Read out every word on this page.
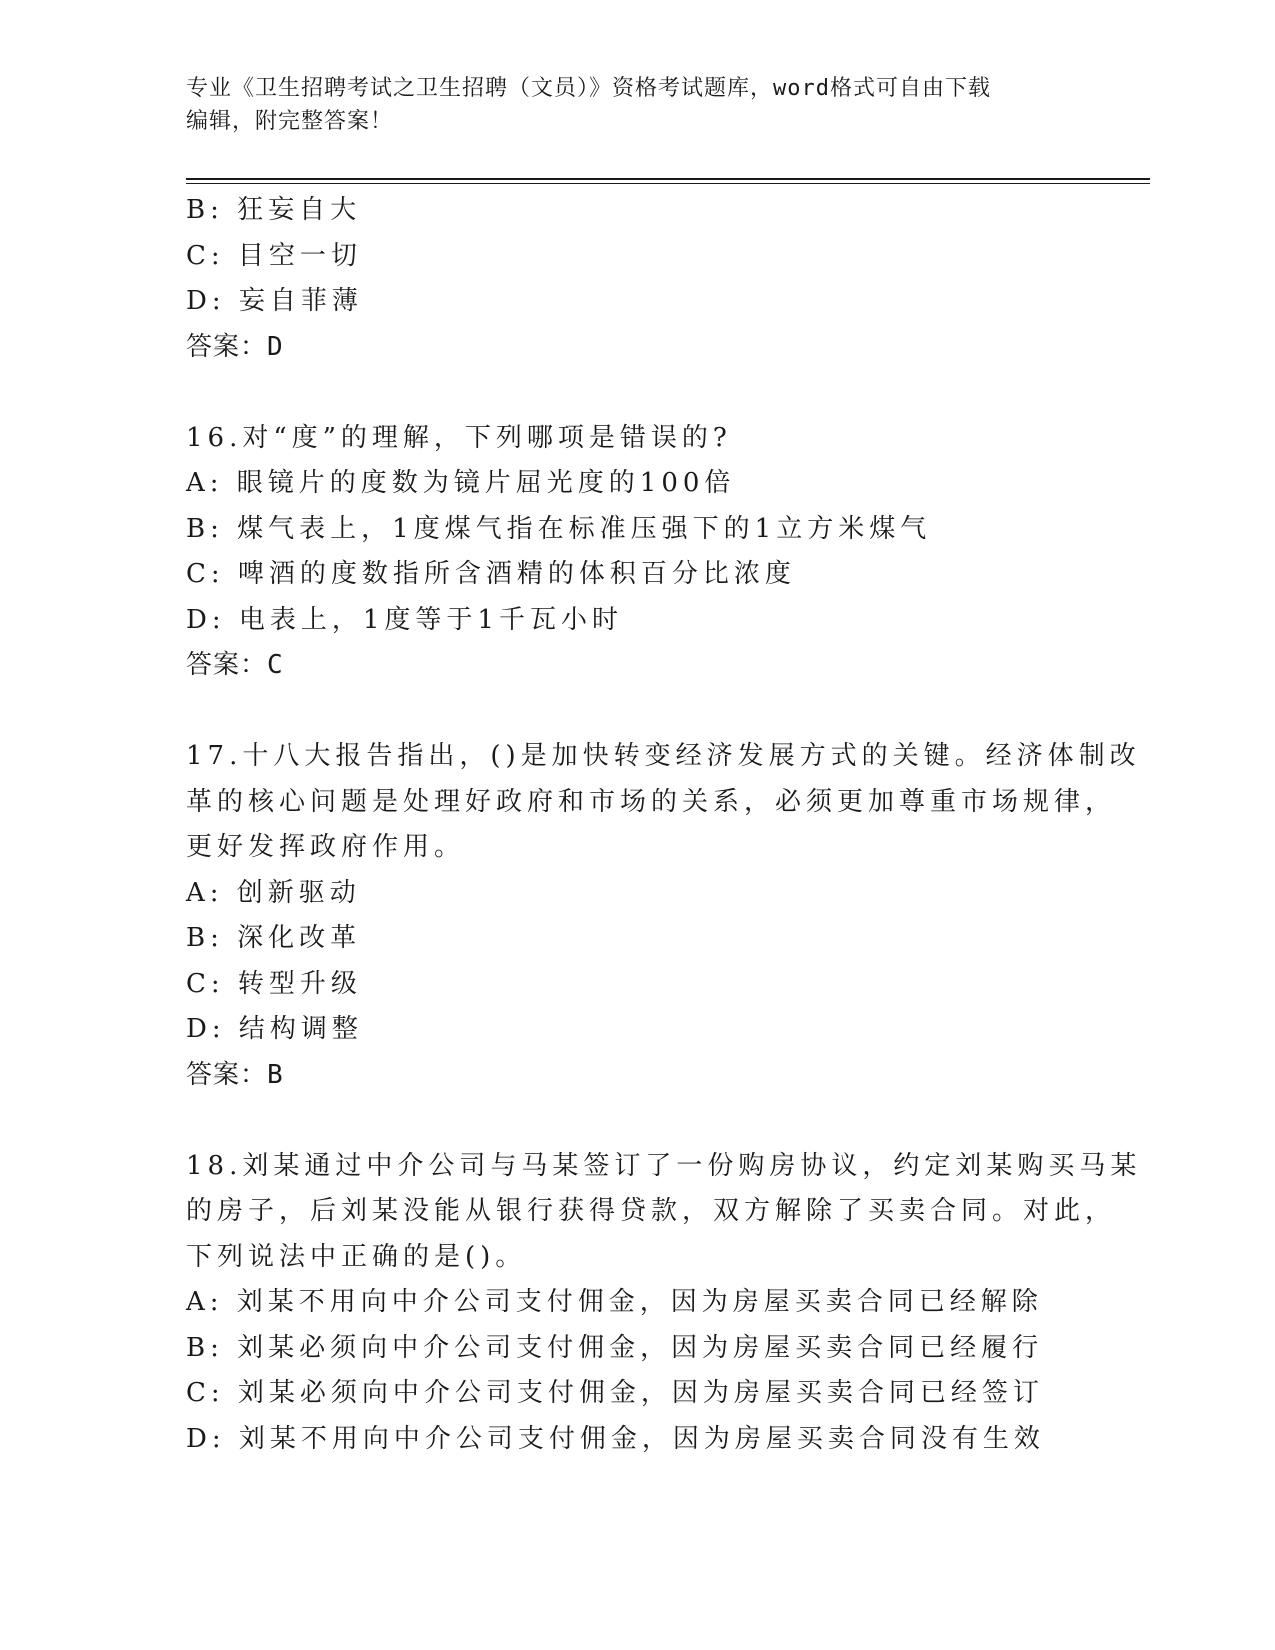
专业《卫生招聘考试之卫生招聘（文员）》资格考试题库，word格式可自由下载
编辑，附完整答案！
B: 狂妄自大
C: 目空一切
D: 妄自菲薄
答案：D
16.对“度”的理解，下列哪项是错误的?
A: 眼镜片的度数为镜片屈光度的100倍
B: 煤气表上，1度煤气指在标准压强下的1立方米煤气
C: 啤酒的度数指所含酒精的体积百分比浓度
D: 电表上，1度等于1千瓦小时
答案：C
17.十八大报告指出，()是加快转变经济发展方式的关键。经济体制改
革的核心问题是处理好政府和市场的关系，必须更加尊重市场规律，
更好发挥政府作用。
A: 创新驱动
B: 深化改革
C: 转型升级
D: 结构调整
答案：B
18.刘某通过中介公司与马某签订了一份购房协议，约定刘某购买马某
的房子，后刘某没能从银行获得贷款，双方解除了买卖合同。对此，
下列说法中正确的是()。
A: 刘某不用向中介公司支付佣金，因为房屋买卖合同已经解除
B: 刘某必须向中介公司支付佣金，因为房屋买卖合同已经履行
C: 刘某必须向中介公司支付佣金，因为房屋买卖合同已经签订
D: 刘某不用向中介公司支付佣金，因为房屋买卖合同没有生效
